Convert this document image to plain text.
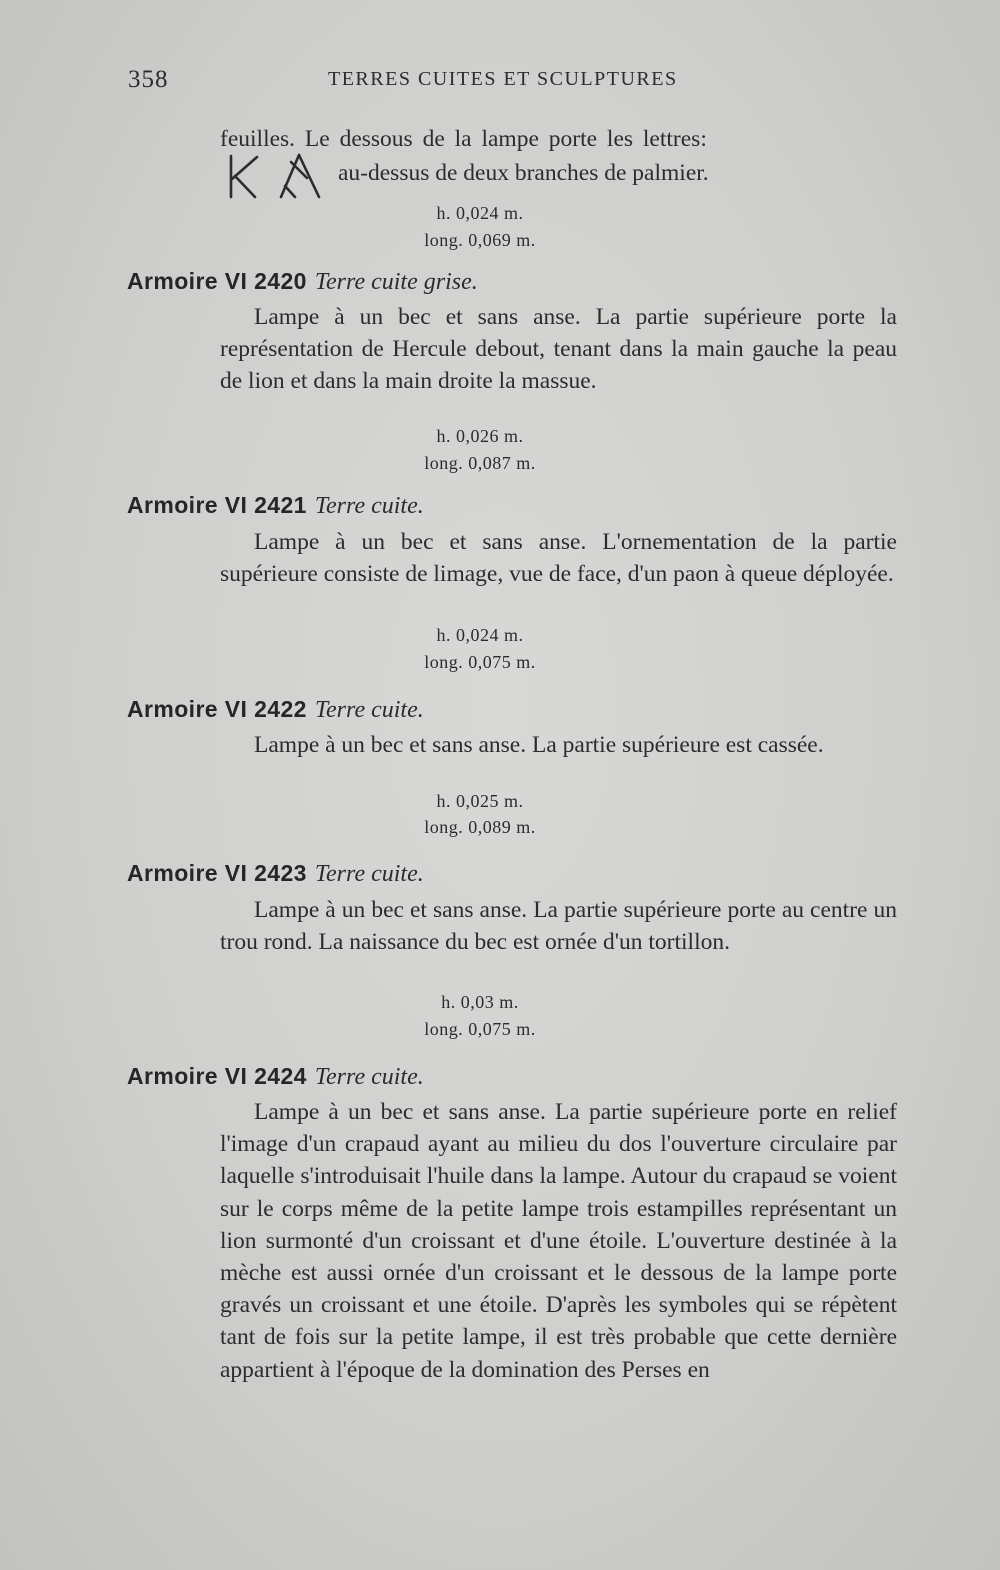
358	TERRES CUITES ET SCULPTURES

feuilles. Le dessous de la lampe porte les lettres:

au-dessus de deux branches de palmier.

h. 0,024 m.

long. 0,069 m.

Armoire VI 2420 Terre cuite grise.

Lampe à un bec et sans anse. La partie supérieure porte la représentation de Hercule debout, tenant dans la main gauche la peau de lion et dans la main droite la massue.

h. 0,026 m.

long. 0,087 m.

Armoire VI 2421 Terre cuite.

Lampe à un bec et sans anse. L'ornementation de la partie supérieure consiste de limage, vue de face, d'un paon à queue déployée.

h. 0,024 m.

long. 0,075 m.

Armoire VI 2422 Terre cuite.

Lampe à un bec et sans anse. La partie supérieure est cassée.

h. 0,025 m.

long. 0,089 m.

Armoire VI 2423 Terre cuite.

Lampe à un bec et sans anse. La partie supérieure porte au centre un trou rond. La naissance du bec est ornée d'un tortillon.

h. 0,03 m.

long. 0,075 m.

Armoire VI 2424 Terre cuite.

Lampe à un bec et sans anse. La partie supérieure porte en relief l'image d'un crapaud ayant au milieu du dos l'ouverture circulaire par laquelle s'introduisait l'huile dans la lampe. Autour du crapaud se voient sur le corps même de la petite lampe trois estampilles représentant un lion surmonté d'un croissant et d'une étoile. L'ouverture destinée à la mèche est aussi ornée d'un croissant et le dessous de la lampe porte gravés un croissant et une étoile. D'après les symboles qui se répètent tant de fois sur la petite lampe, il est très probable que cette dernière appartient à l'époque de la domination des Perses en
